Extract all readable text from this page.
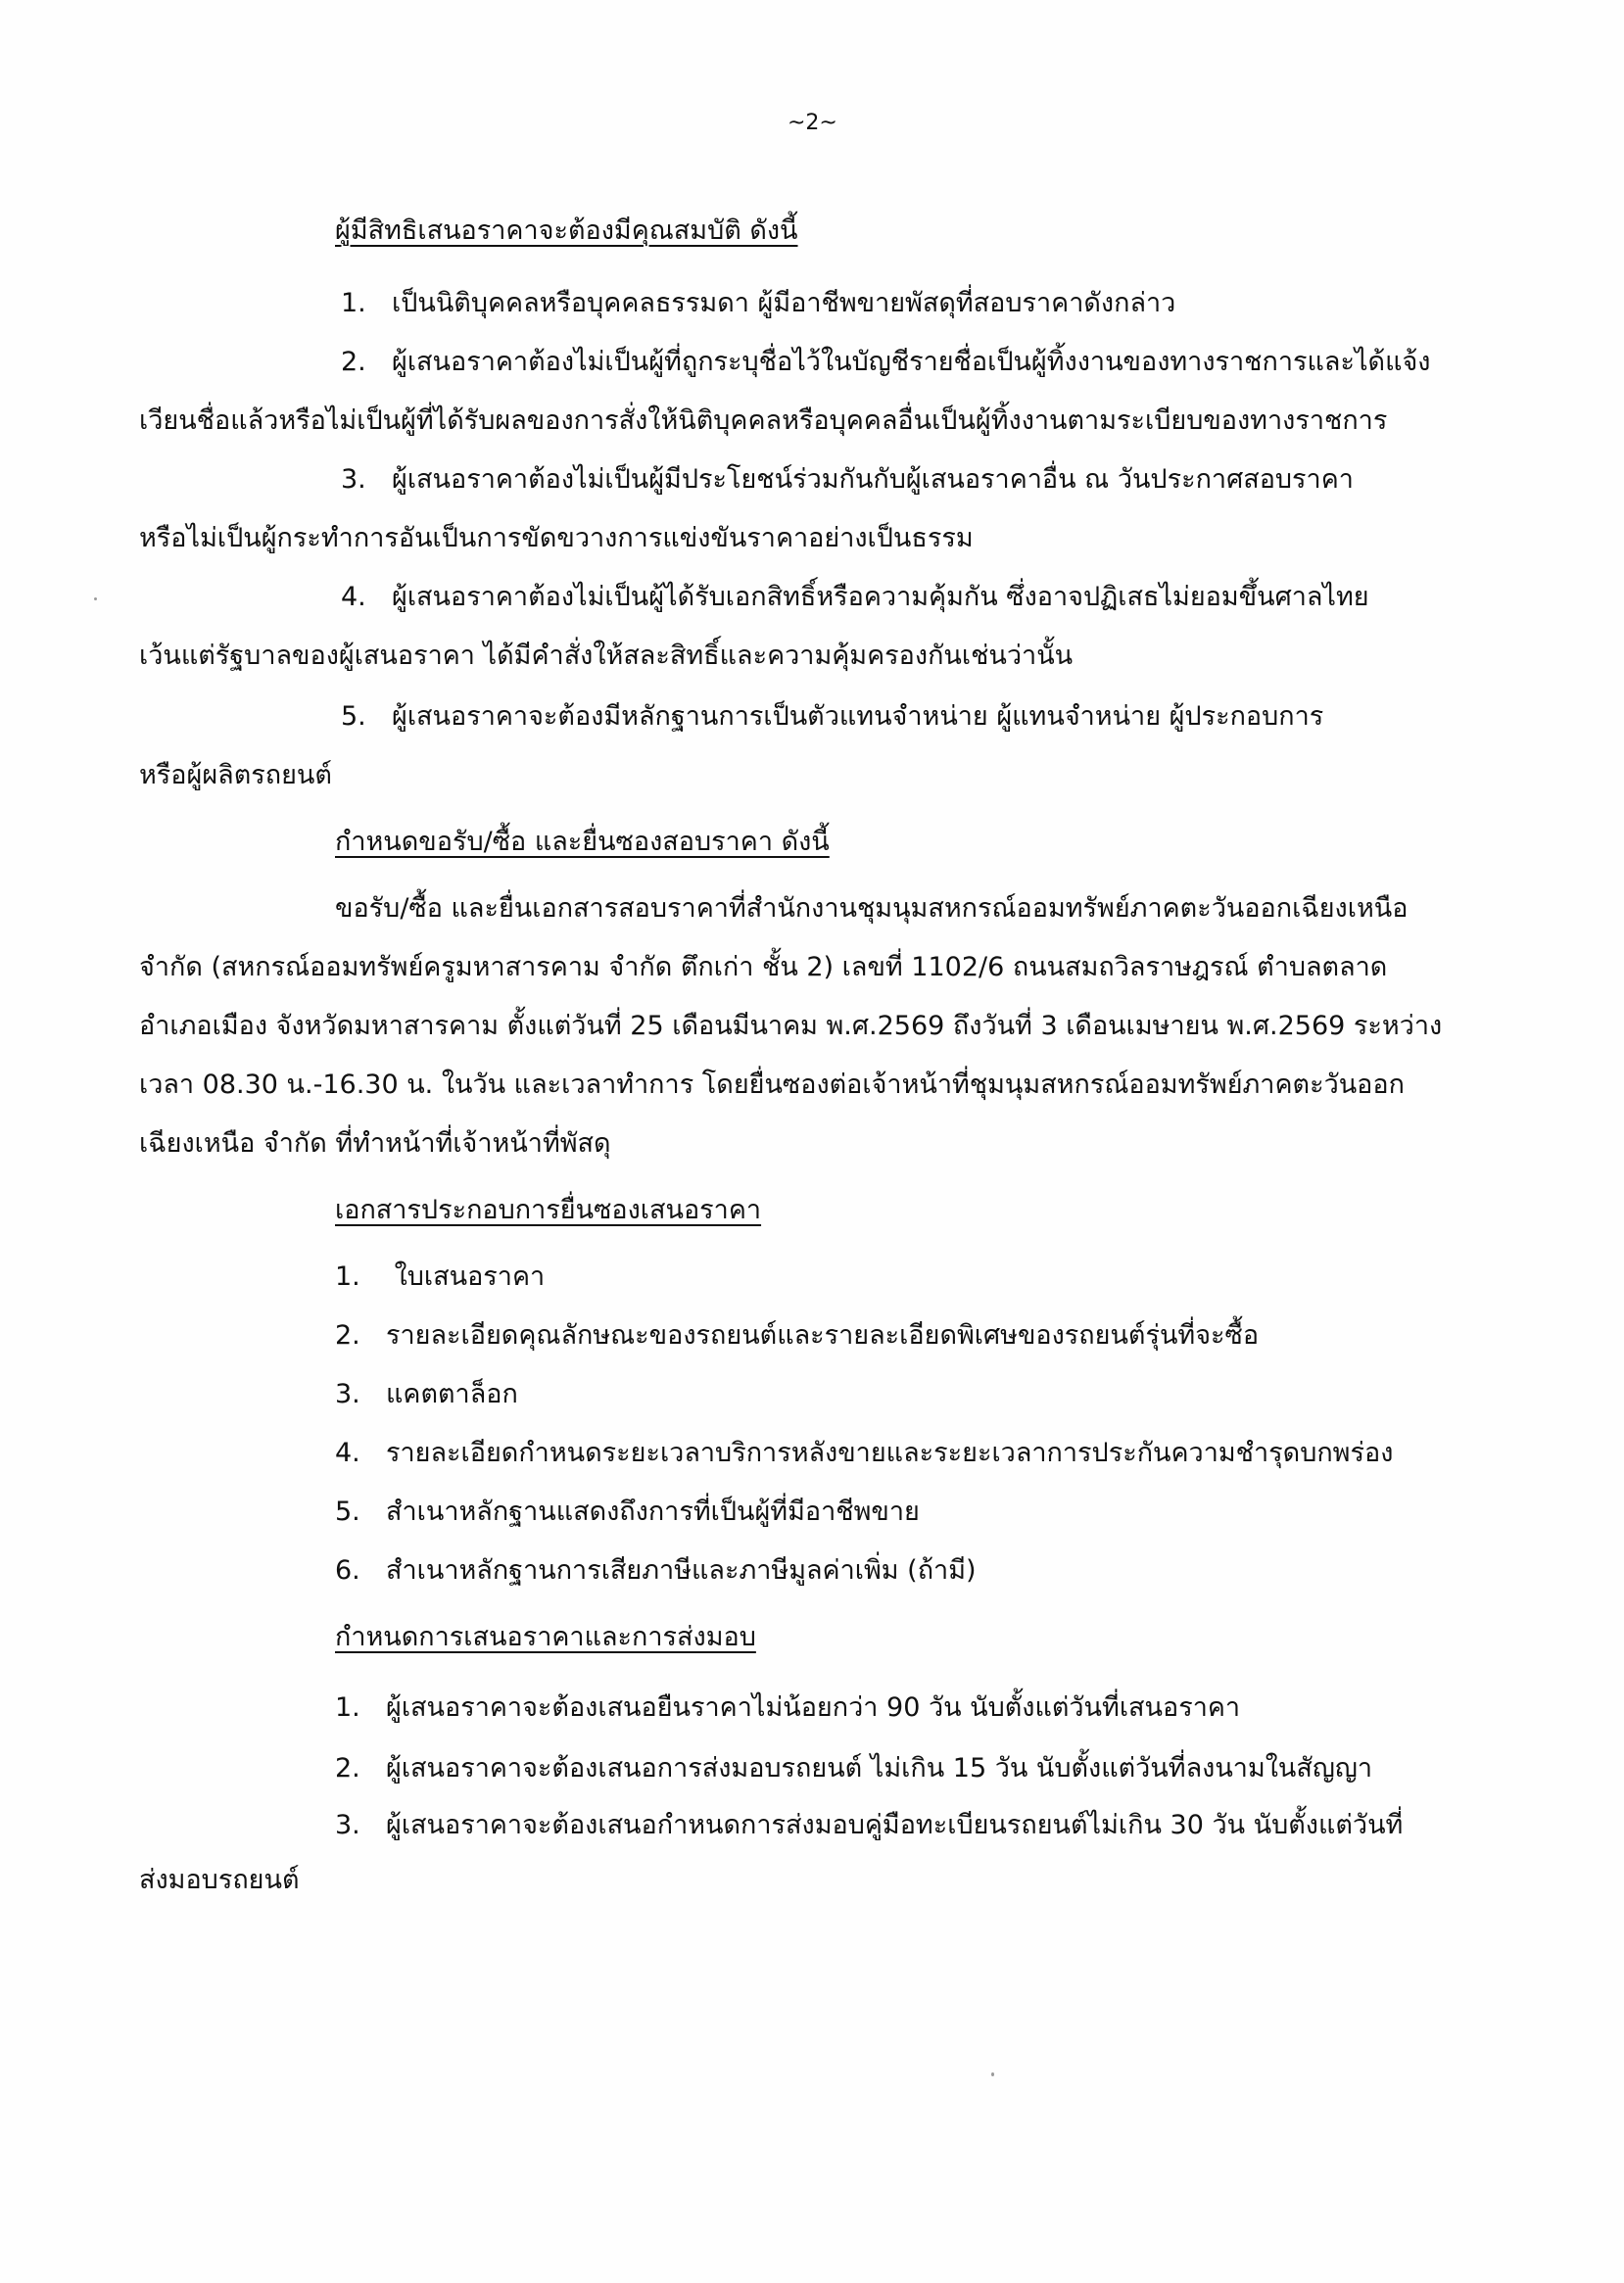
~2~
ผู้มีสิทธิเสนอราคาจะต้องมีคุณสมบัติ ดังนี้
1. เป็นนิติบุคคลหรือบุคคลธรรมดา ผู้มีอาชีพขายพัสดุที่สอบราคาดังกล่าว
2. ผู้เสนอราคาต้องไม่เป็นผู้ที่ถูกระบุชื่อไว้ในบัญชีรายชื่อเป็นผู้ทิ้งงานของทางราชการและได้แจ้ง
เวียนชื่อแล้วหรือไม่เป็นผู้ที่ได้รับผลของการสั่งให้นิติบุคคลหรือบุคคลอื่นเป็นผู้ทิ้งงานตามระเบียบของทางราชการ
3. ผู้เสนอราคาต้องไม่เป็นผู้มีประโยชน์ร่วมกันกับผู้เสนอราคาอื่น ณ วันประกาศสอบราคา
หรือไม่เป็นผู้กระทำการอันเป็นการขัดขวางการแข่งขันราคาอย่างเป็นธรรม
4. ผู้เสนอราคาต้องไม่เป็นผู้ได้รับเอกสิทธิ์หรือความคุ้มกัน ซึ่งอาจปฏิเสธไม่ยอมขึ้นศาลไทย
เว้นแต่รัฐบาลของผู้เสนอราคา ได้มีคำสั่งให้สละสิทธิ์และความคุ้มครองกันเช่นว่านั้น
5. ผู้เสนอราคาจะต้องมีหลักฐานการเป็นตัวแทนจำหน่าย ผู้แทนจำหน่าย ผู้ประกอบการ
หรือผู้ผลิตรถยนต์
กำหนดขอรับ/ซื้อ และยื่นซองสอบราคา ดังนี้
ขอรับ/ซื้อ และยื่นเอกสารสอบราคาที่สำนักงานชุมนุมสหกรณ์ออมทรัพย์ภาคตะวันออกเฉียงเหนือ
จำกัด (สหกรณ์ออมทรัพย์ครูมหาสารคาม จำกัด ตึกเก่า ชั้น 2) เลขที่ 1102/6 ถนนสมถวิลราษฎรณ์ ตำบลตลาด
อำเภอเมือง จังหวัดมหาสารคาม ตั้งแต่วันที่ 25 เดือนมีนาคม พ.ศ.2569 ถึงวันที่ 3 เดือนเมษายน พ.ศ.2569 ระหว่าง
เวลา 08.30 น.-16.30 น. ในวัน และเวลาทำการ โดยยื่นซองต่อเจ้าหน้าที่ชุมนุมสหกรณ์ออมทรัพย์ภาคตะวันออก
เฉียงเหนือ จำกัด ที่ทำหน้าที่เจ้าหน้าที่พัสดุ
เอกสารประกอบการยื่นซองเสนอราคา
1. ใบเสนอราคา
2. รายละเอียดคุณลักษณะของรถยนต์และรายละเอียดพิเศษของรถยนต์รุ่นที่จะซื้อ
3. แคตตาล็อก
4. รายละเอียดกำหนดระยะเวลาบริการหลังขายและระยะเวลาการประกันความชำรุดบกพร่อง
5. สำเนาหลักฐานแสดงถึงการที่เป็นผู้ที่มีอาชีพขาย
6. สำเนาหลักฐานการเสียภาษีและภาษีมูลค่าเพิ่ม (ถ้ามี)
กำหนดการเสนอราคาและการส่งมอบ
1. ผู้เสนอราคาจะต้องเสนอยืนราคาไม่น้อยกว่า 90 วัน นับตั้งแต่วันที่เสนอราคา
2. ผู้เสนอราคาจะต้องเสนอการส่งมอบรถยนต์ ไม่เกิน 15 วัน นับตั้งแต่วันที่ลงนามในสัญญา
3. ผู้เสนอราคาจะต้องเสนอกำหนดการส่งมอบคู่มือทะเบียนรถยนต์ไม่เกิน 30 วัน นับตั้งแต่วันที่
ส่งมอบรถยนต์
